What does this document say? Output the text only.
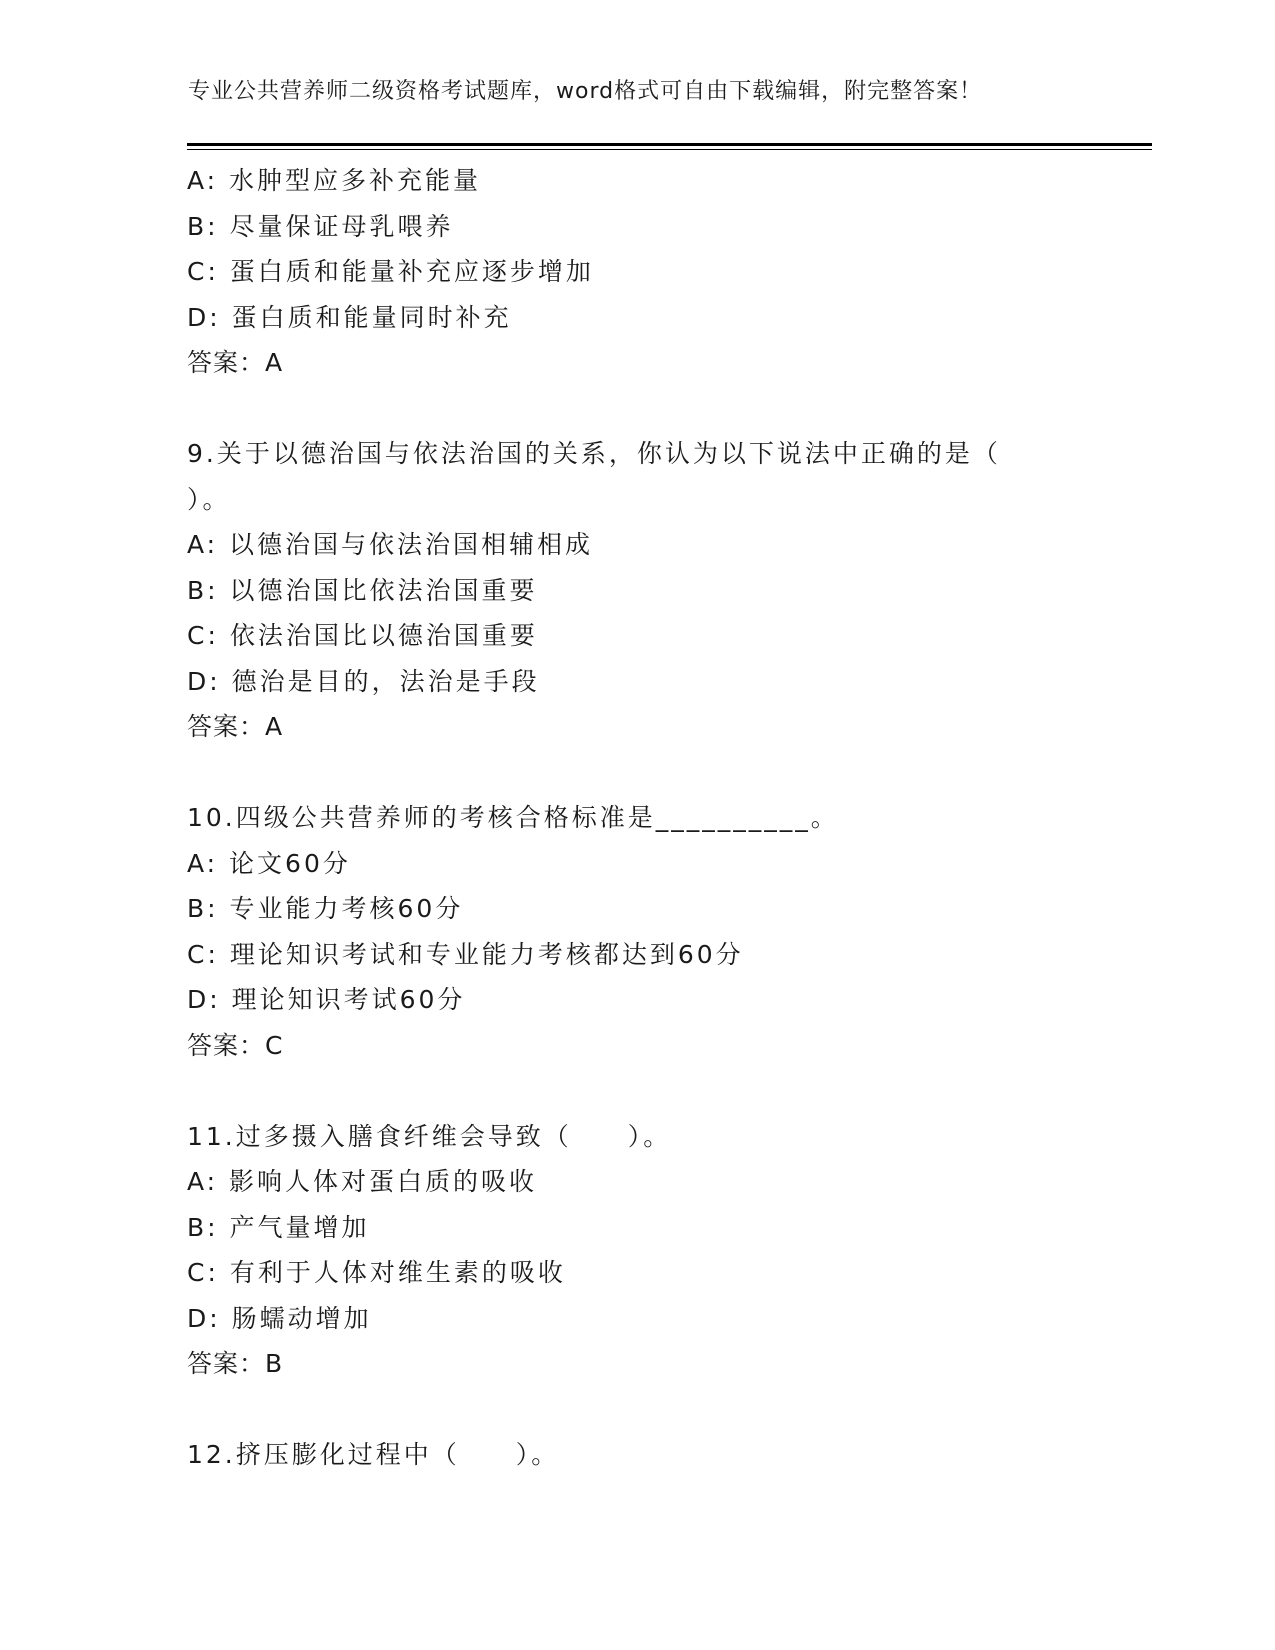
专业公共营养师二级资格考试题库，word格式可自由下载编辑，附完整答案！
A: 水肿型应多补充能量
B: 尽量保证母乳喂养
C: 蛋白质和能量补充应逐步增加
D: 蛋白质和能量同时补充
答案：A
9.关于以德治国与依法治国的关系，你认为以下说法中正确的是（
）。
A: 以德治国与依法治国相辅相成
B: 以德治国比依法治国重要
C: 依法治国比以德治国重要
D: 德治是目的，法治是手段
答案：A
10.四级公共营养师的考核合格标准是__________。
A: 论文60分
B: 专业能力考核60分
C: 理论知识考试和专业能力考核都达到60分
D: 理论知识考试60分
答案：C
11.过多摄入膳食纤维会导致（　　）。
A: 影响人体对蛋白质的吸收
B: 产气量增加
C: 有利于人体对维生素的吸收
D: 肠蠕动增加
答案：B
12.挤压膨化过程中（　　）。
